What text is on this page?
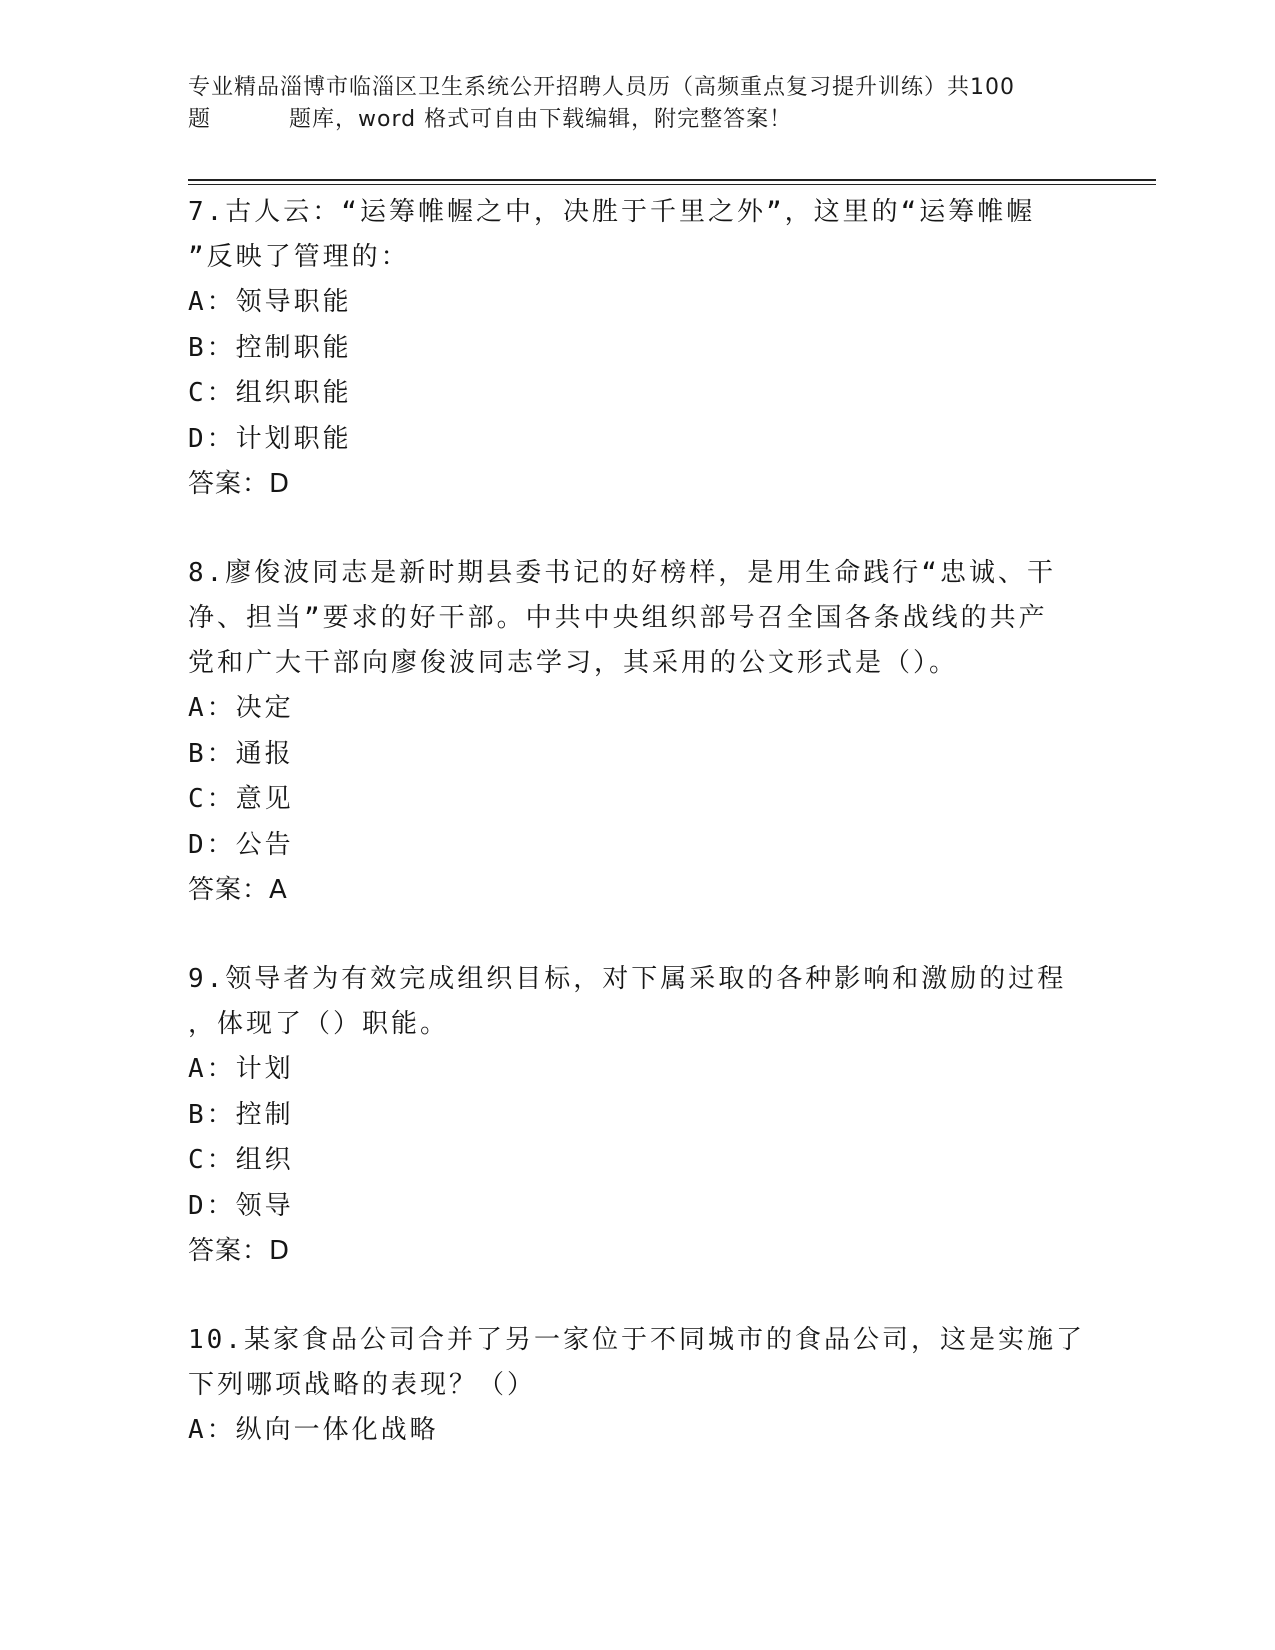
专业精品淄博市临淄区卫生系统公开招聘人员历（高频重点复习提升训练）共100
题	题库，word 格式可自由下载编辑，附完整答案！

7.古人云：“运筹帷幄之中，决胜于千里之外”，这里的“运筹帷幄

”反映了管理的：

A：领导职能

B：控制职能

C：组织职能

D：计划职能

答案：D

8.廖俊波同志是新时期县委书记的好榜样，是用生命践行“忠诚、干

净、担当”要求的好干部。中共中央组织部号召全国各条战线的共产

党和广大干部向廖俊波同志学习，其采用的公文形式是（）。

A：决定

B：通报

C：意见

D：公告

答案：A

9.领导者为有效完成组织目标，对下属采取的各种影响和激励的过程

，体现了（）职能。

A：计划

B：控制

C：组织

D：领导

答案：D

10.某家食品公司合并了另一家位于不同城市的食品公司，这是实施了

下列哪项战略的表现？（）

A：纵向一体化战略
